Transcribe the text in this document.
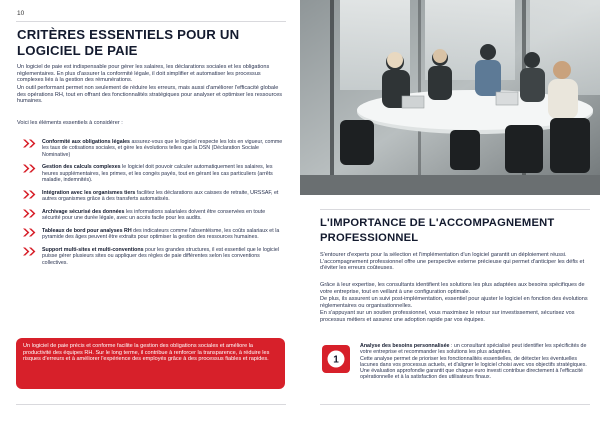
10
CRITÈRES ESSENTIELS POUR UN LOGICIEL DE PAIE

Un logiciel de paie est indispensable pour gérer les salaires, les déclarations sociales et les obligations réglementaires. En plus d'assurer la conformité légale, il doit simplifier et automatiser les processus complexes liés à la gestion des rémunérations.

Un outil performant permet non seulement de réduire les erreurs, mais aussi d'améliorer l'efficacité globale des opérations RH, tout en offrant des fonctionnalités stratégiques pour analyser et optimiser les ressources humaines.

Voici les éléments essentiels à considérer :

Conformité aux obligations légales assurez-vous que le logiciel respecte les lois en vigueur, comme les taux de cotisations sociales, et gère les évolutions telles que la DSN (Déclaration Sociale Nominative)
Gestion des calculs complexes le logiciel doit pouvoir calculer automatiquement les salaires, les heures supplémentaires, les primes, et les congés payés, tout en gérant les cas particuliers (arrêts maladie, indemnités).
Intégration avec les organismes tiers facilitez les déclarations aux caisses de retraite, URSSAF, et autres organismes grâce à des transferts automatisés.
Archivage sécurisé des données les informations salariales doivent être conservées en toute sécurité pour une durée légale, avec un accès facile pour les audits.
Tableaux de bord pour analyses RH des indicateurs comme l'absentéisme, les coûts salariaux et la pyramide des âges peuvent être extraits pour optimiser la gestion des ressources humaines.
Support multi-sites et multi-conventions pour les grandes structures, il est essentiel que le logiciel puisse gérer plusieurs sites ou appliquer des règles de paie différentes selon les conventions collectives.
Un logiciel de paie précis et conforme facilite la gestion des obligations sociales et améliore la productivité des équipes RH. Sur le long terme, il contribue à renforcer la transparence, à réduire les risques d'erreurs et à améliorer l'expérience des employés grâce à des processus fiables et rapides.
L'IMPORTANCE DE L'ACCOMPAGNEMENT PROFESSIONNEL

S'entourer d'experts pour la sélection et l'implémentation d'un logiciel garantit un déploiement réussi. L'accompagnement professionnel offre une perspective externe précieuse qui permet d'anticiper les défis et d'éviter les erreurs coûteuses.

Grâce à leur expertise, les consultants identifient les solutions les plus adaptées aux besoins spécifiques de votre entreprise, tout en veillant à une configuration optimale.

De plus, ils assurent un suivi post-implémentation, essentiel pour ajuster le logiciel en fonction des évolutions réglementaires ou organisationnelles.

En s'appuyant sur un soutien professionnel, vous maximisez le retour sur investissement, sécurisez vos processus métiers et assurez une adoption rapide par vos équipes.

1
Analyse des besoins personnalisée : un consultant spécialisé peut identifier les spécificités de votre entreprise et recommander les solutions les plus adaptées.
Cette analyse permet de prioriser les fonctionnalités essentielles, de détecter les éventuelles lacunes dans vos processus actuels, et d'aligner le logiciel choisi avec vos objectifs stratégiques.
Une évaluation approfondie garantit que chaque euro investi contribue directement à l'efficacité opérationnelle et à la satisfaction des utilisateurs finaux.
